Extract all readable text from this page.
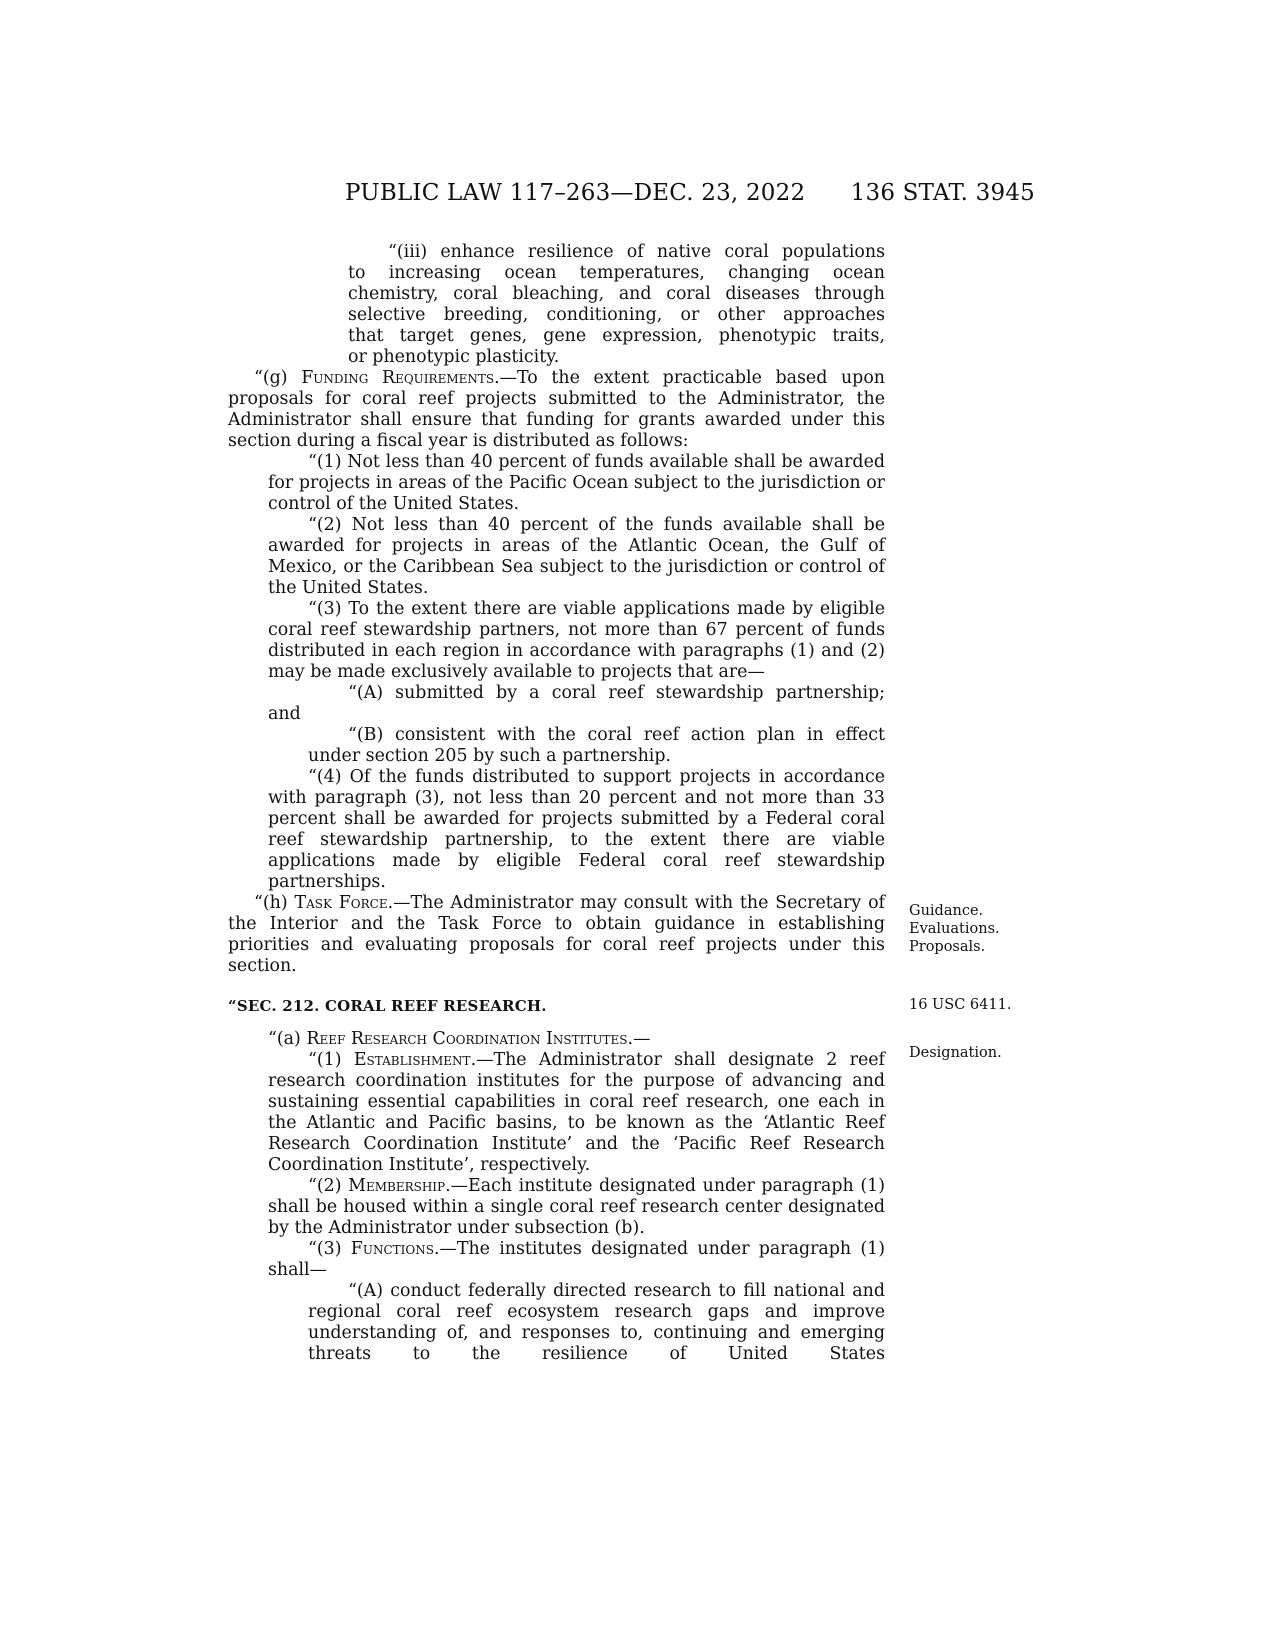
PUBLIC LAW 117–263—DEC. 23, 2022 136 STAT. 3945

“(iii) enhance resilience of native coral populations

to increasing ocean temperatures, changing ocean

chemistry, coral bleaching, and coral diseases through

selective breeding, conditioning, or other approaches

that target genes, gene expression, phenotypic traits,

or phenotypic plasticity.

“(g) Funding Requirements.—To the extent practicable based upon proposals for coral reef projects submitted to the Administrator, the Administrator shall ensure that funding for grants awarded under this section during a fiscal year is distributed as follows:

“(1) Not less than 40 percent of funds available shall be awarded for projects in areas of the Pacific Ocean subject to the jurisdiction or control of the United States.

“(2) Not less than 40 percent of the funds available shall be awarded for projects in areas of the Atlantic Ocean, the Gulf of Mexico, or the Caribbean Sea subject to the jurisdiction or control of the United States.

“(3) To the extent there are viable applications made by eligible coral reef stewardship partners, not more than 67 percent of funds distributed in each region in accordance with paragraphs (1) and (2) may be made exclusively available to projects that are—

“(A) submitted by a coral reef stewardship partnership;

and

“(B) consistent with the coral reef action plan in effect under section 205 by such a partnership.

“(4) Of the funds distributed to support projects in accordance with paragraph (3), not less than 20 percent and not more than 33 percent shall be awarded for projects submitted by a Federal coral reef stewardship partnership, to the extent there are viable applications made by eligible Federal coral reef stewardship partnerships.

“(h) Task Force.—The Administrator may consult with the Secretary of the Interior and the Task Force to obtain guidance in establishing priorities and evaluating proposals for coral reef projects under this section.

“SEC. 212. CORAL REEF RESEARCH.

“(a) Reef Research Coordination Institutes.—

“(1) Establishment.—The Administrator shall designate 2 reef research coordination institutes for the purpose of advancing and sustaining essential capabilities in coral reef research, one each in the Atlantic and Pacific basins, to be known as the ‘Atlantic Reef Research Coordination Institute’ and the ‘Pacific Reef Research Coordination Institute’, respectively.

“(2) Membership.—Each institute designated under paragraph (1) shall be housed within a single coral reef research center designated by the Administrator under subsection (b).

“(3) Functions.—The institutes designated under paragraph (1) shall—

“(A) conduct federally directed research to fill national and regional coral reef ecosystem research gaps and improve understanding of, and responses to, continuing and emerging threats to the resilience of United States

Guidance.
Evaluations.
Proposals.
16 USC 6411.
Designation.
